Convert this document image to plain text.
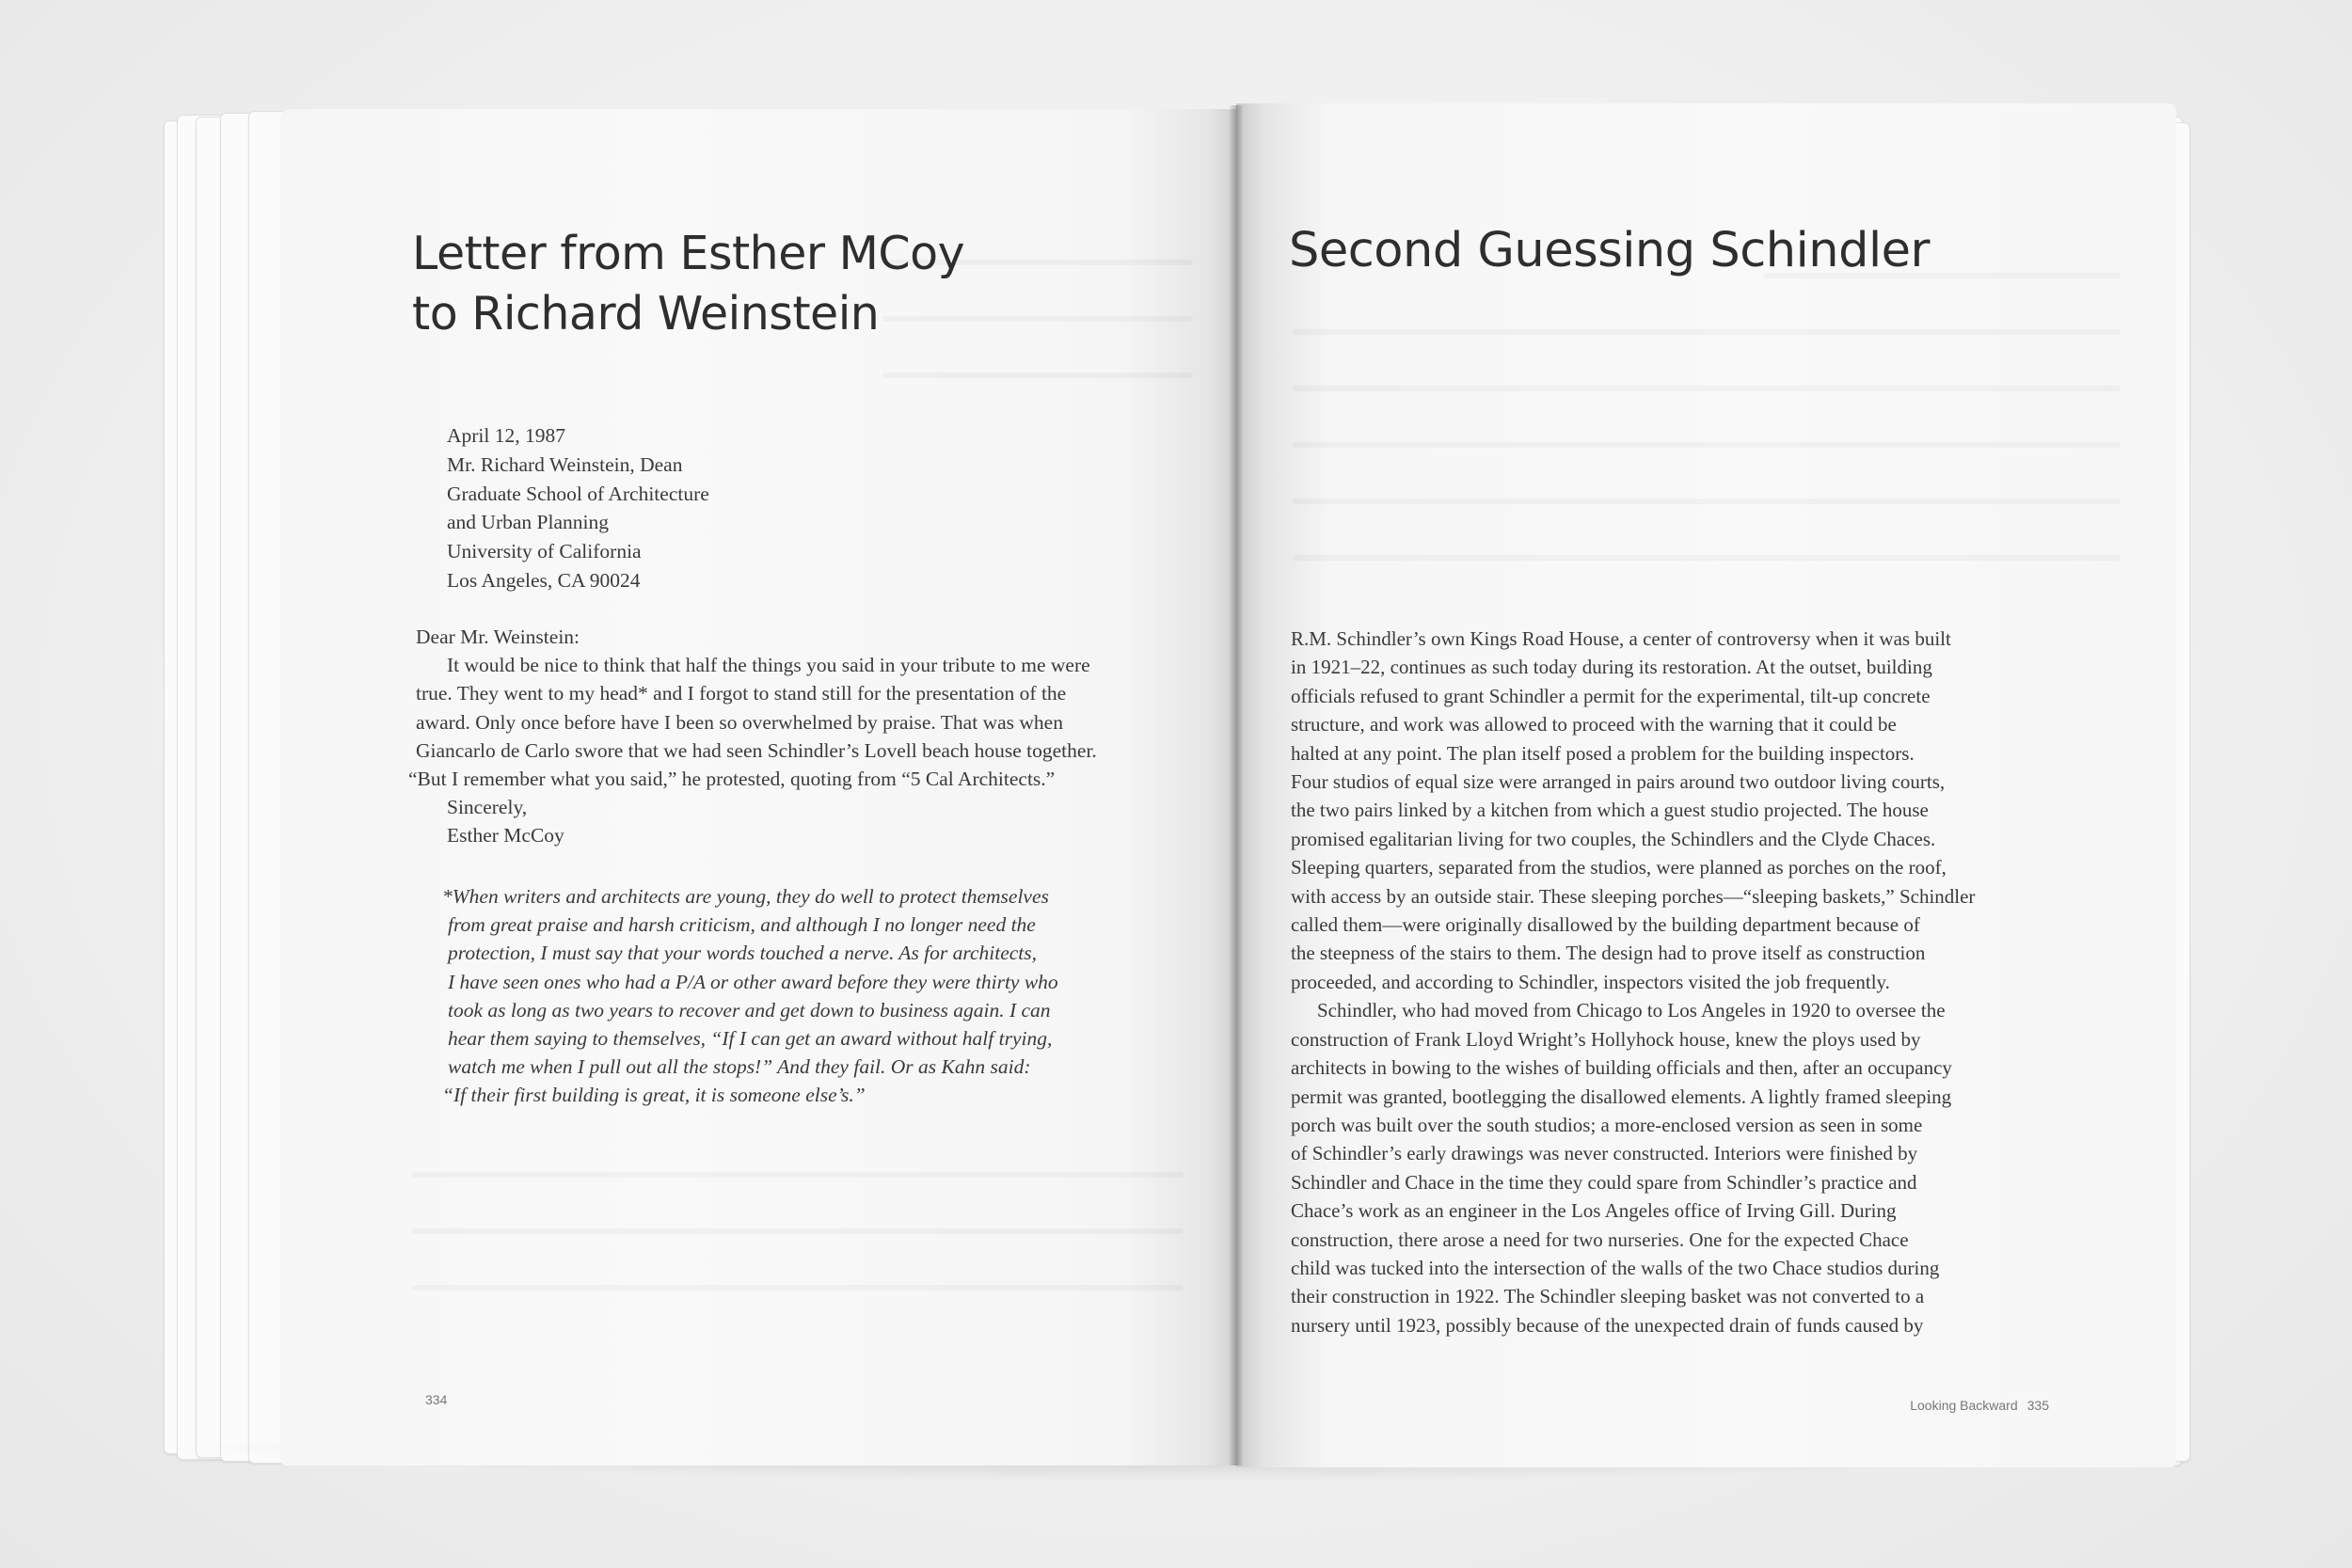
Letter from Esther MCoy
to Richard Weinstein
April 12, 1987
Mr. Richard Weinstein, Dean
Graduate School of Architecture
and Urban Planning
University of California
Los Angeles, CA 90024
Dear Mr. Weinstein:
It would be nice to think that half the things you said in your tribute to me were
true. They went to my head* and I forgot to stand still for the presentation of the
award. Only once before have I been so overwhelmed by praise. That was when
Giancarlo de Carlo swore that we had seen Schindler’s Lovell beach house together.
“But I remember what you said,” he protested, quoting from “5 Cal Architects.”
Sincerely,
Esther McCoy
*When writers and architects are young, they do well to protect themselves
from great praise and harsh criticism, and although I no longer need the
protection, I must say that your words touched a nerve. As for architects,
I have seen ones who had a P/A or other award before they were thirty who
took as long as two years to recover and get down to business again. I can
hear them saying to themselves, “If I can get an award without half trying,
watch me when I pull out all the stops!” And they fail. Or as Kahn said:
“If their first building is great, it is someone else’s.”
334
Second Guessing Schindler
R.M. Schindler’s own Kings Road House, a center of controversy when it was built
in 1921–22, continues as such today during its restoration. At the outset, building
officials refused to grant Schindler a permit for the experimental, tilt-up concrete
structure, and work was allowed to proceed with the warning that it could be
halted at any point. The plan itself posed a problem for the building inspectors.
Four studios of equal size were arranged in pairs around two outdoor living courts,
the two pairs linked by a kitchen from which a guest studio projected. The house
promised egalitarian living for two couples, the Schindlers and the Clyde Chaces.
Sleeping quarters, separated from the studios, were planned as porches on the roof,
with access by an outside stair. These sleeping porches—“sleeping baskets,” Schindler
called them—were originally disallowed by the building department because of
the steepness of the stairs to them. The design had to prove itself as construction
proceeded, and according to Schindler, inspectors visited the job frequently.
Schindler, who had moved from Chicago to Los Angeles in 1920 to oversee the
construction of Frank Lloyd Wright’s Hollyhock house, knew the ploys used by
architects in bowing to the wishes of building officials and then, after an occupancy
permit was granted, bootlegging the disallowed elements. A lightly framed sleeping
porch was built over the south studios; a more-enclosed version as seen in some
of Schindler’s early drawings was never constructed. Interiors were finished by
Schindler and Chace in the time they could spare from Schindler’s practice and
Chace’s work as an engineer in the Los Angeles office of Irving Gill. During
construction, there arose a need for two nurseries. One for the expected Chace
child was tucked into the intersection of the walls of the two Chace studios during
their construction in 1922. The Schindler sleeping basket was not converted to a
nursery until 1923, possibly because of the unexpected drain of funds caused by
Looking Backward 335
